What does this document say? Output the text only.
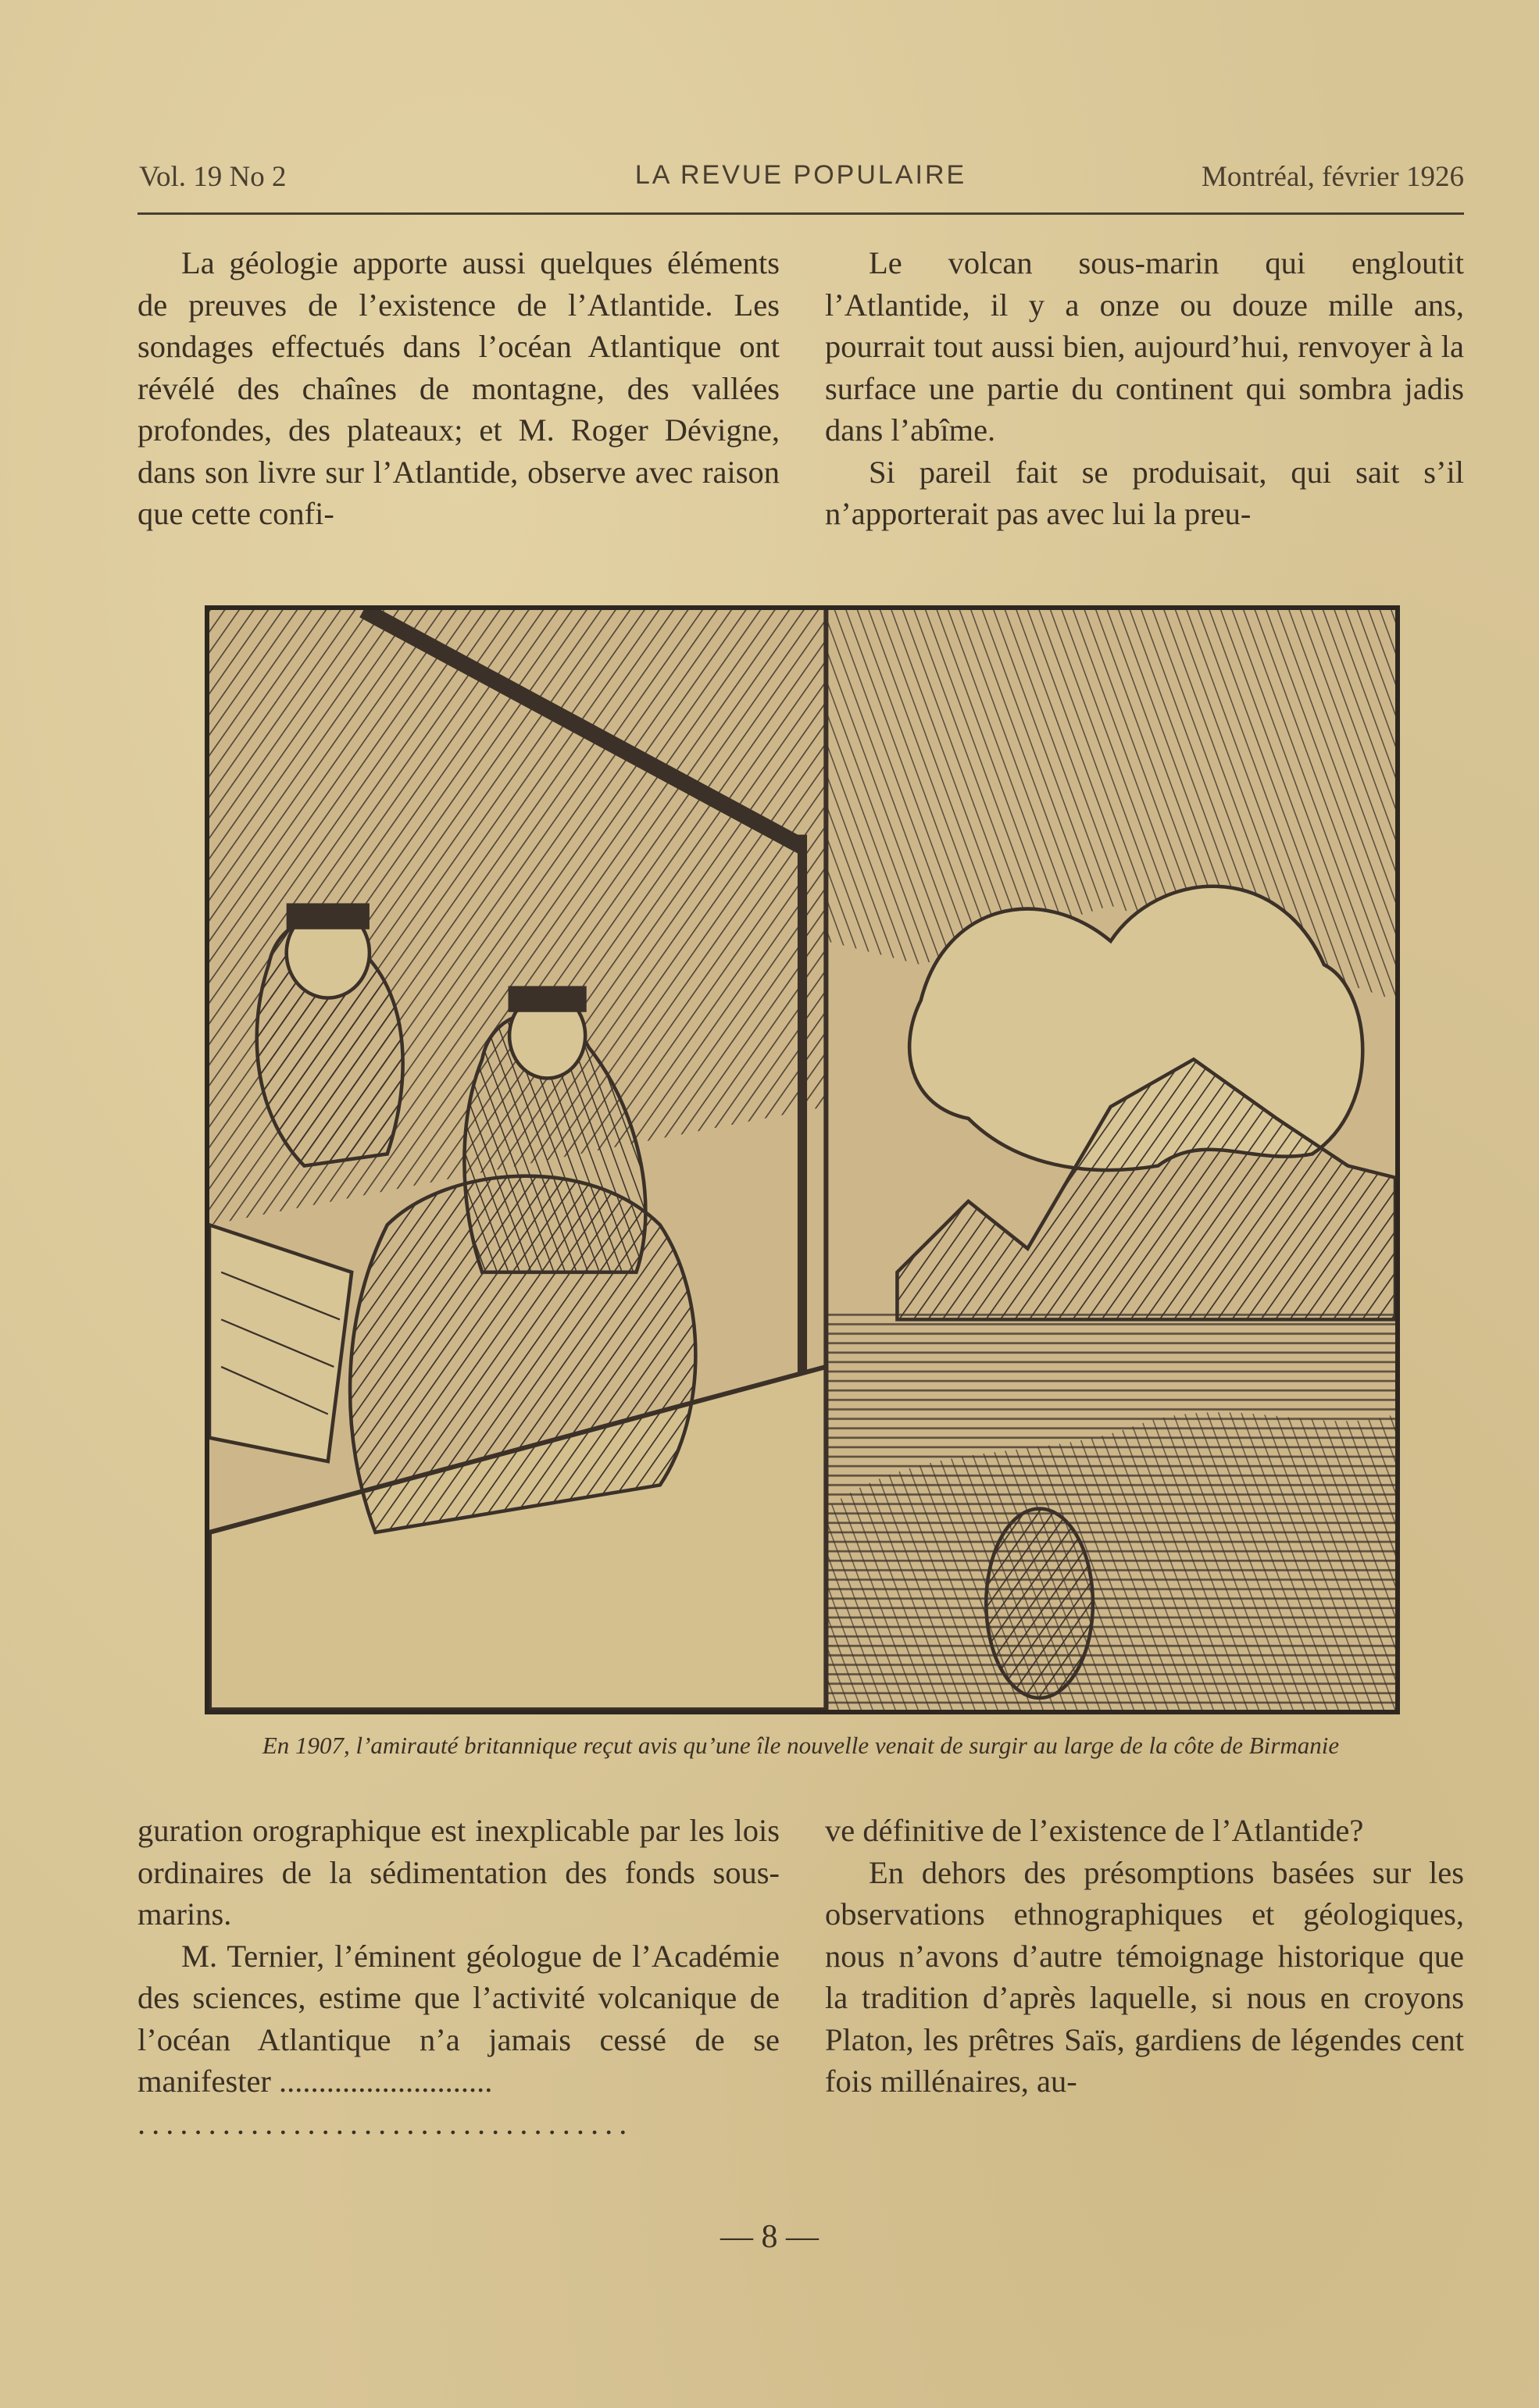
Vol. 19 No 2	LA REVUE POPULAIRE	Montréal, février 1926

La géologie apporte aussi quelques éléments de preuves de l’existence de l’Atlantide. Les sondages effectués dans l’océan Atlantique ont révélé des chaînes de montagne, des vallées profondes, des plateaux; et M. Roger Dévigne, dans son livre sur l’Atlantide, observe avec raison que cette confi-

Le volcan sous-marin qui engloutit l’Atlantide, il y a onze ou douze mille ans, pourrait tout aussi bien, aujourd’hui, renvoyer à la surface une partie du continent qui sombra jadis dans l’abîme.

Si pareil fait se produisait, qui sait s’il n’apporterait pas avec lui la preu-

En 1907, l’amirauté britannique reçut avis qu’une île nouvelle venait de surgir au large de la côte de Birmanie

guration orographique est inexplicable par les lois ordinaires de la sédimentation des fonds sous-marins.

M. Ternier, l’éminent géologue de l’Académie des sciences, estime que l’activité volcanique de l’océan Atlantique n’a jamais cessé de se manifester ...........................

...................................

ve définitive de l’existence de l’Atlantide?

En dehors des présomptions basées sur les observations ethnographiques et géologiques, nous n’avons d’autre témoignage historique que la tradition d’après laquelle, si nous en croyons Platon, les prêtres Saïs, gardiens de légendes cent fois millénaires, au-

— 8 —
